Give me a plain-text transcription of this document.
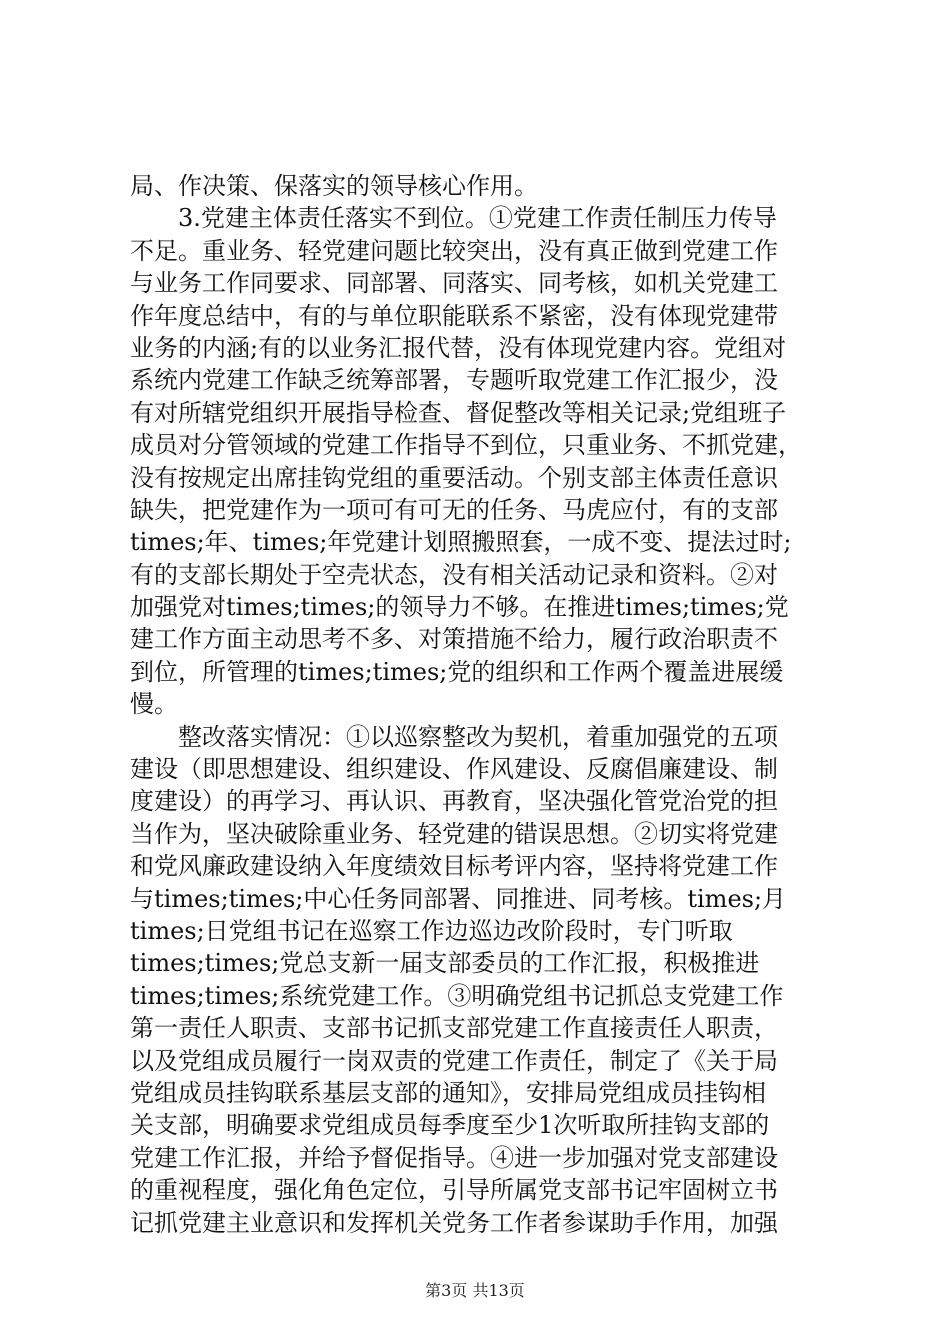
局、作决策、保落实的领导核心作用。
　　3.党建主体责任落实不到位。①党建工作责任制压力传导
不足。重业务、轻党建问题比较突出，没有真正做到党建工作
与业务工作同要求、同部署、同落实、同考核，如机关党建工
作年度总结中，有的与单位职能联系不紧密，没有体现党建带
业务的内涵;有的以业务汇报代替，没有体现党建内容。党组对
系统内党建工作缺乏统筹部署，专题听取党建工作汇报少，没
有对所辖党组织开展指导检查、督促整改等相关记录;党组班子
成员对分管领域的党建工作指导不到位，只重业务、不抓党建，
没有按规定出席挂钩党组的重要活动。个别支部主体责任意识
缺失，把党建作为一项可有可无的任务、马虎应付，有的支部
times;年、times;年党建计划照搬照套，一成不变、提法过时;
有的支部长期处于空壳状态，没有相关活动记录和资料。②对
加强党对times;times;的领导力不够。在推进times;times;党
建工作方面主动思考不多、对策措施不给力，履行政治职责不
到位，所管理的times;times;党的组织和工作两个覆盖进展缓
慢。
　　整改落实情况：①以巡察整改为契机，着重加强党的五项
建设（即思想建设、组织建设、作风建设、反腐倡廉建设、制
度建设）的再学习、再认识、再教育，坚决强化管党治党的担
当作为，坚决破除重业务、轻党建的错误思想。②切实将党建
和党风廉政建设纳入年度绩效目标考评内容，坚持将党建工作
与times;times;中心任务同部署、同推进、同考核。times;月
times;日党组书记在巡察工作边巡边改阶段时，专门听取
times;times;党总支新一届支部委员的工作汇报，积极推进
times;times;系统党建工作。③明确党组书记抓总支党建工作
第一责任人职责、支部书记抓支部党建工作直接责任人职责，
以及党组成员履行一岗双责的党建工作责任，制定了《关于局
党组成员挂钩联系基层支部的通知》，安排局党组成员挂钩相
关支部，明确要求党组成员每季度至少1次听取所挂钩支部的
党建工作汇报，并给予督促指导。④进一步加强对党支部建设
的重视程度，强化角色定位，引导所属党支部书记牢固树立书
记抓党建主业意识和发挥机关党务工作者参谋助手作用，加强
第3页 共13页
